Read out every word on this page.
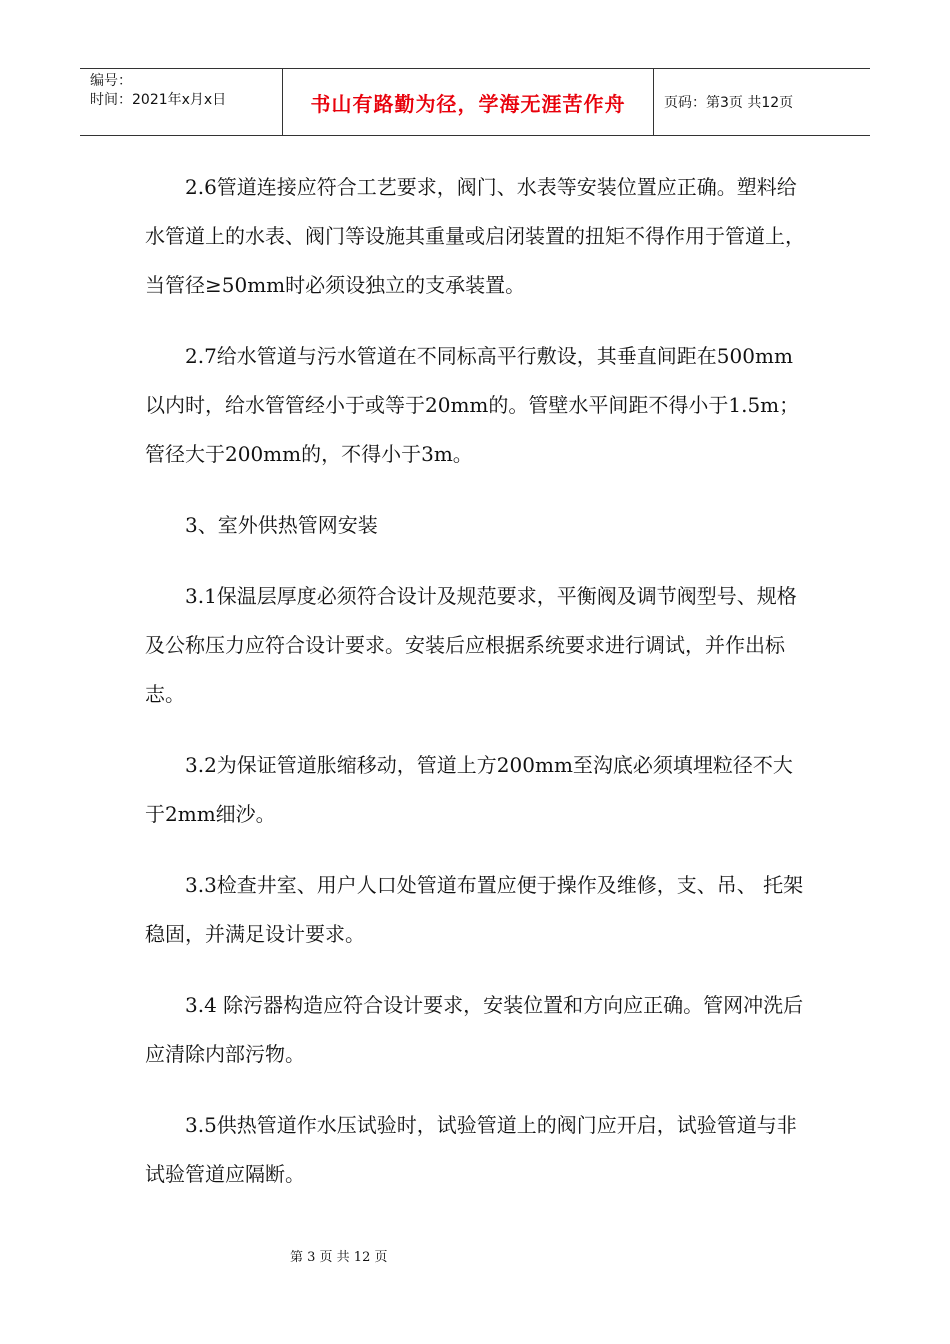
编号：
时间：2021年x月x日	书山有路勤为径，学海无涯苦作舟	页码：第3页 共12页

2.6管道连接应符合工艺要求，阀门、水表等安装位置应正确。塑料给水管道上的水表、阀门等设施其重量或启闭装置的扭矩不得作用于管道上，当管径≥50mm时必须设独立的支承装置。

2.7给水管道与污水管道在不同标高平行敷设，其垂直间距在500mm以内时，给水管管经小于或等于20mm的。管壁水平间距不得小于1.5m；管径大于200mm的，不得小于3m。

3、室外供热管网安装

3.1保温层厚度必须符合设计及规范要求，平衡阀及调节阀型号、规格及公称压力应符合设计要求。安装后应根据系统要求进行调试，并作出标志。

3.2为保证管道胀缩移动，管道上方200mm至沟底必须填埋粒径不大于2mm细沙。

3.3检查井室、用户人口处管道布置应便于操作及维修，支、吊、 托架稳固，并满足设计要求。

3.4 除污器构造应符合设计要求，安装位置和方向应正确。管网冲洗后应清除内部污物。

3.5供热管道作水压试验时，试验管道上的阀门应开启，试验管道与非试验管道应隔断。

第 3 页 共 12 页
